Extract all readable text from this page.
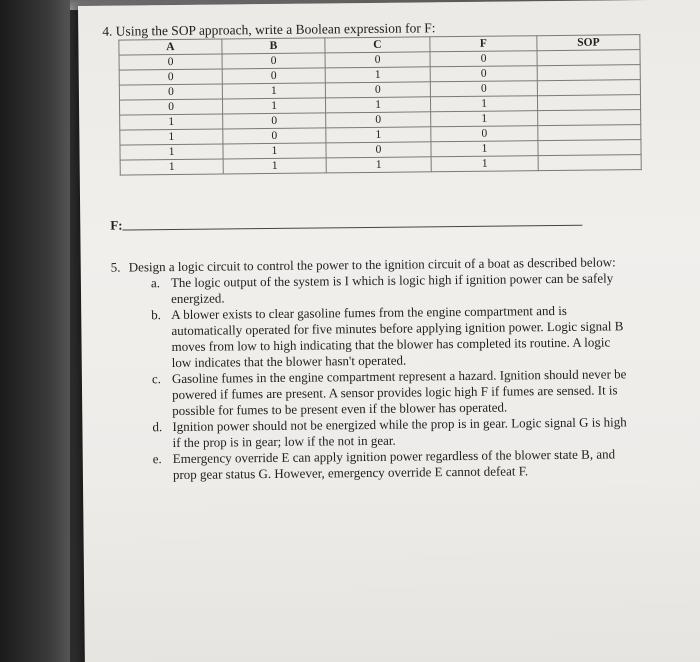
4. Using the SOP approach, write a Boolean expression for F:
A	B	C	F	SOP
0	0	0	0	
0	0	1	0	
0	1	0	0	
0	1	1	1	
1	0	0	1	
1	0	1	0	
1	1	0	1	
1	1	1	1	
F:
5. Design a logic circuit to control the power to the ignition circuit of a boat as described below:
a. The logic output of the system is I which is logic high if ignition power can be safely energized.
b. A blower exists to clear gasoline fumes from the engine compartment and is automatically operated for five minutes before applying ignition power. Logic signal B moves from low to high indicating that the blower has completed its routine. A logic low indicates that the blower hasn't operated.
c. Gasoline fumes in the engine compartment represent a hazard. Ignition should never be powered if fumes are present. A sensor provides logic high F if fumes are sensed. It is possible for fumes to be present even if the blower has operated.
d. Ignition power should not be energized while the prop is in gear. Logic signal G is high if the prop is in gear; low if the not in gear.
e. Emergency override E can apply ignition power regardless of the blower state B, and prop gear status G. However, emergency override E cannot defeat F.
